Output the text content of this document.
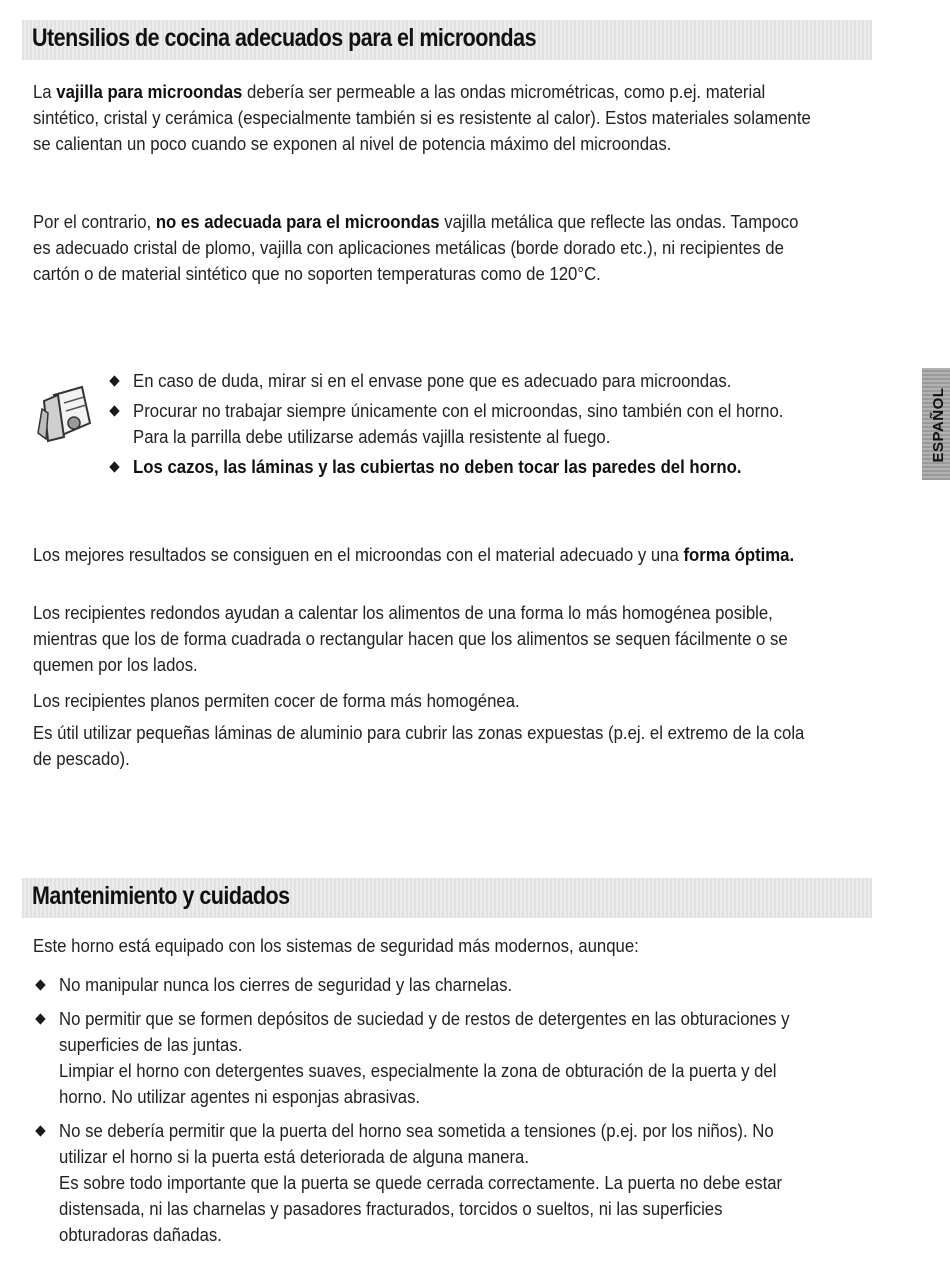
Utensilios de cocina adecuados para el microondas

La vajilla para microondas debería ser permeable a las ondas micrométricas, como p.ej. material sintético, cristal y cerámica (especialmente también si es resistente al calor). Estos materiales solamente se calientan un poco cuando se exponen al nivel de potencia máximo del microondas.

Por el contrario, no es adecuada para el microondas vajilla metálica que reflecte las ondas. Tampoco es adecuado cristal de plomo, vajilla con aplicaciones metálicas (borde dorado etc.), ni recipientes de cartón o de material sintético que no soporten temperaturas como de 120°C.

En caso de duda, mirar si en el envase pone que es adecuado para microondas.
Procurar no trabajar siempre únicamente con el microondas, sino también con el horno. Para la parrilla debe utilizarse además vajilla resistente al fuego.
Los cazos, las láminas y las cubiertas no deben tocar las paredes del horno.

Los mejores resultados se consiguen en el microondas con el material adecuado y una forma óptima.

Los recipientes redondos ayudan a calentar los alimentos de una forma lo más homogénea posible, mientras que los de forma cuadrada o rectangular hacen que los alimentos se sequen fácilmente o se quemen por los lados.

Los recipientes planos permiten cocer de forma más homogénea.

Es útil utilizar pequeñas láminas de aluminio para cubrir las zonas expuestas (p.ej. el extremo de la cola de pescado).

Mantenimiento y cuidados

Este horno está equipado con los sistemas de seguridad más modernos, aunque:

No manipular nunca los cierres de seguridad y las charnelas.
No permitir que se formen depósitos de suciedad y de restos de detergentes en las obturaciones y superficies de las juntas.
Limpiar el horno con detergentes suaves, especialmente la zona de obturación de la puerta y del horno. No utilizar agentes ni esponjas abrasivas.
No se debería permitir que la puerta del horno sea sometida a tensiones (p.ej. por los niños). No utilizar el horno si la puerta está deteriorada de alguna manera.
Es sobre todo importante que la puerta se quede cerrada correctamente. La puerta no debe estar distensada, ni las charnelas y pasadores fracturados, torcidos o sueltos, ni las superficies obturadoras dañadas.
ESPAÑOL
